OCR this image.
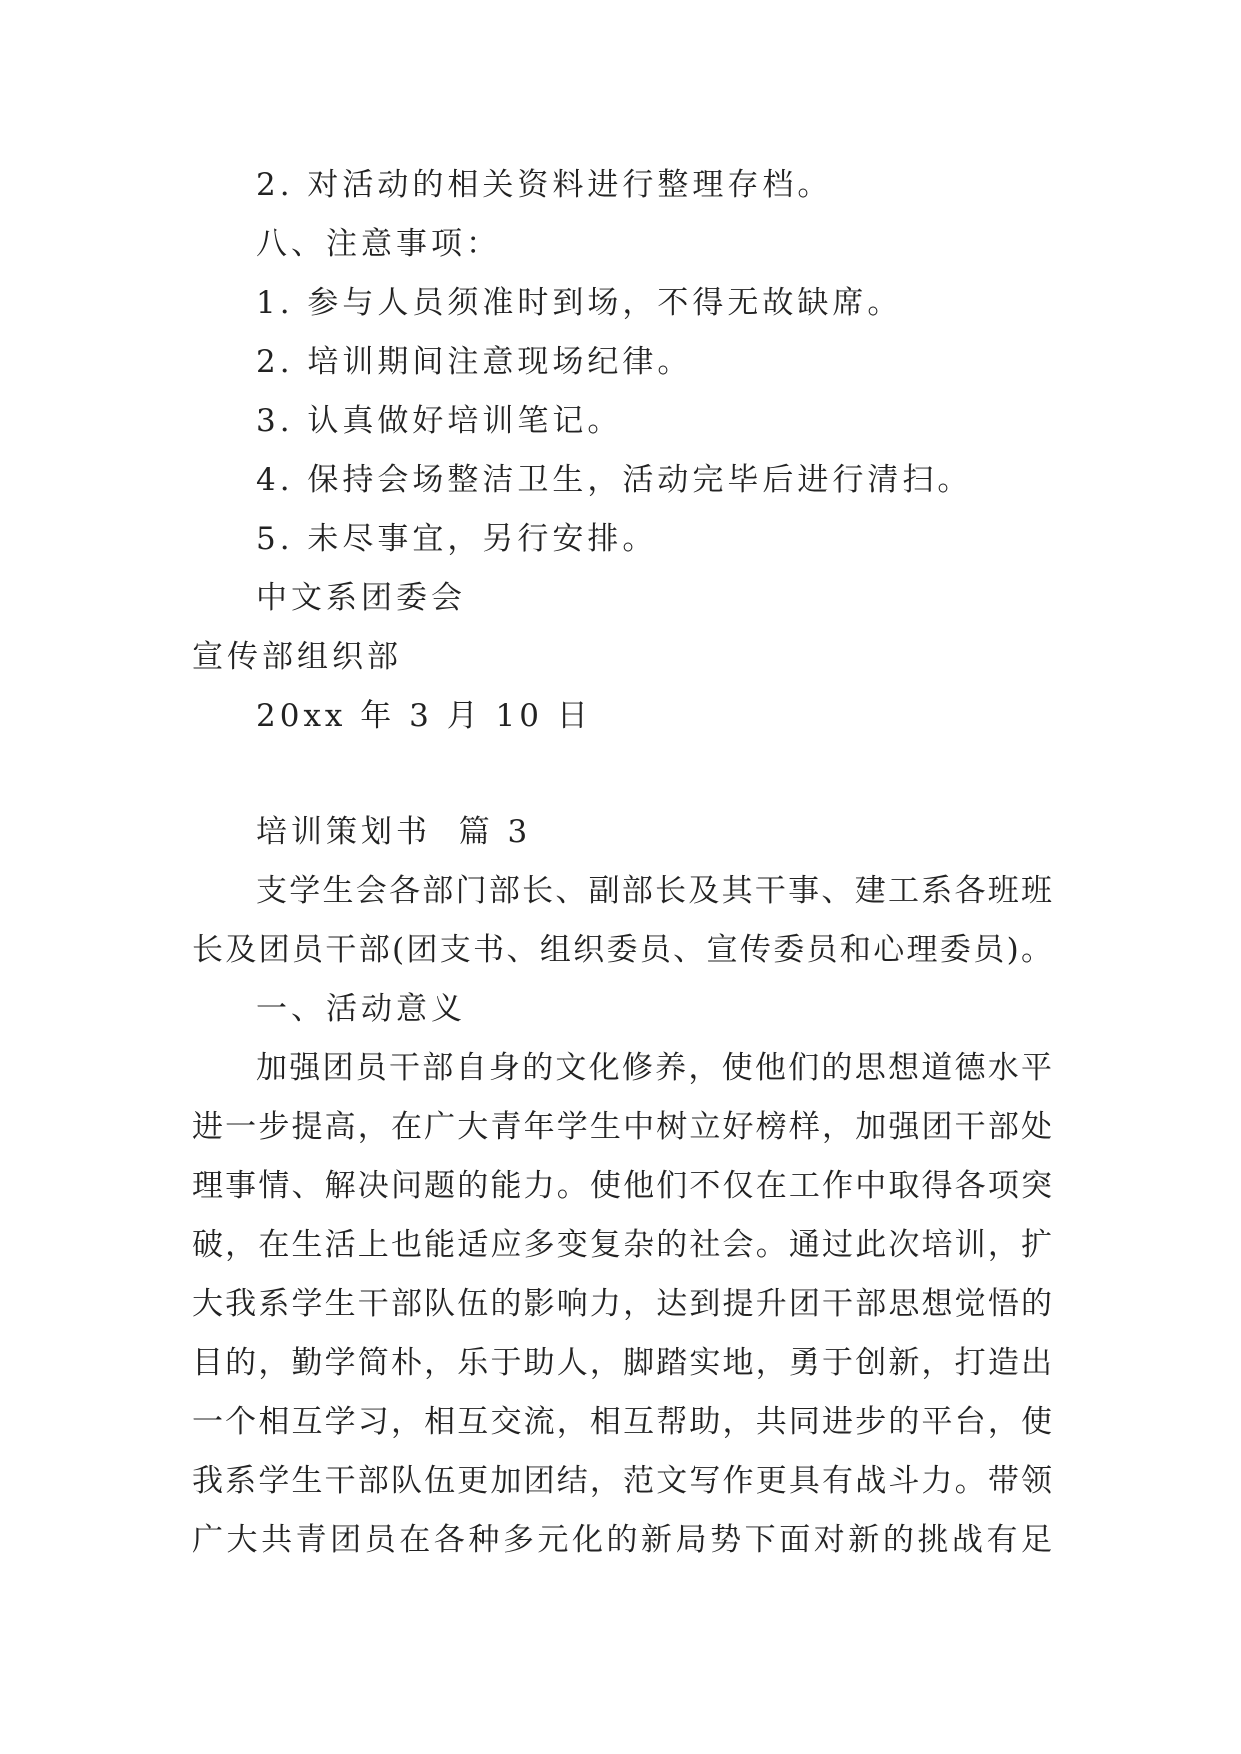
2. 对活动的相关资料进行整理存档。
八、注意事项：
1. 参与人员须准时到场，不得无故缺席。
2. 培训期间注意现场纪律。
3. 认真做好培训笔记。
4. 保持会场整洁卫生，活动完毕后进行清扫。
5. 未尽事宜，另行安排。
中文系团委会
宣传部组织部
20xx 年 3 月 10 日
培训策划书  篇 3
支学生会各部门部长、副部长及其干事、建工系各班班
长及团员干部(团支书、组织委员、宣传委员和心理委员)。
一、活动意义
加强团员干部自身的文化修养，使他们的思想道德水平
进一步提高，在广大青年学生中树立好榜样，加强团干部处
理事情、解决问题的能力。使他们不仅在工作中取得各项突
破，在生活上也能适应多变复杂的社会。通过此次培训，扩
大我系学生干部队伍的影响力，达到提升团干部思想觉悟的
目的，勤学简朴，乐于助人，脚踏实地，勇于创新，打造出
一个相互学习，相互交流，相互帮助，共同进步的平台，使
我系学生干部队伍更加团结，范文写作更具有战斗力。带领
广大共青团员在各种多元化的新局势下面对新的挑战有足
